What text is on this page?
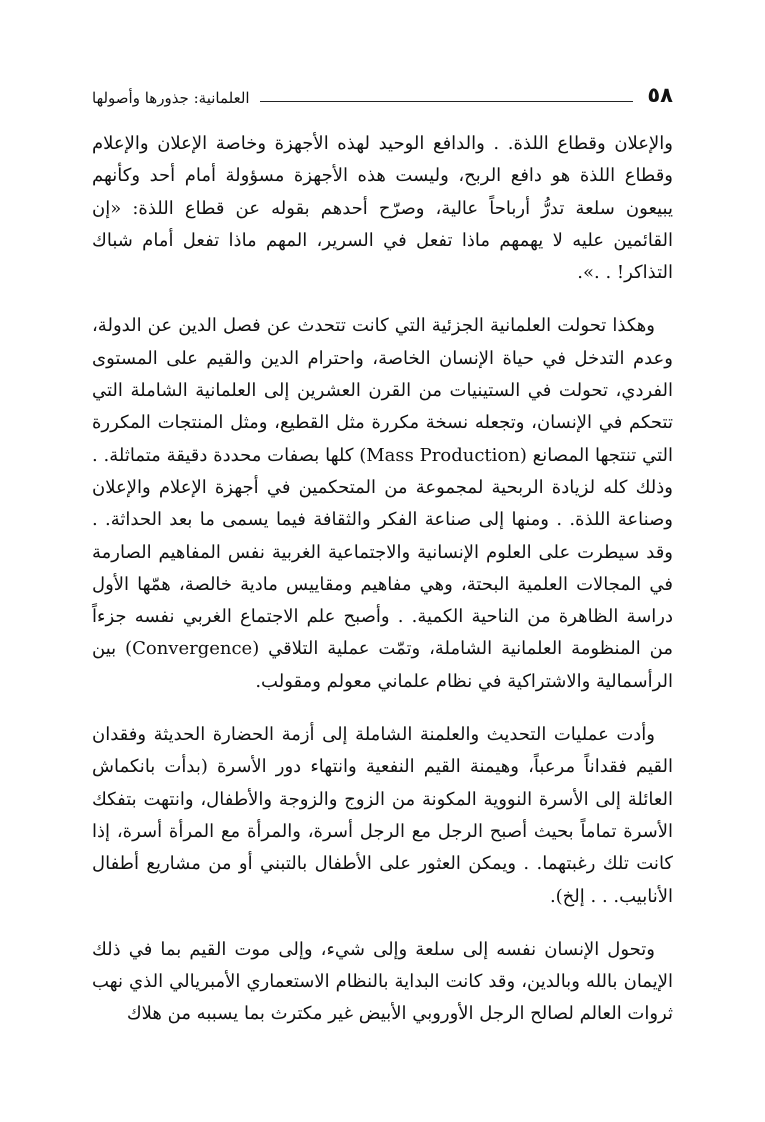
٥٨
العلمانية: جذورها وأصولها

والإعلان وقطاع اللذة. . والدافع الوحيد لهذه الأجهزة وخاصة الإعلان والإعلام وقطاع اللذة هو دافع الربح، وليست هذه الأجهزة مسؤولة أمام أحد وكأنهم يبيعون سلعة تدرُّ أرباحاً عالية، وصرّح أحدهم بقوله عن قطاع اللذة: «إن القائمين عليه لا يهمهم ماذا تفعل في السرير، المهم ماذا تفعل أمام شباك التذاكر! . .».

وهكذا تحولت العلمانية الجزئية التي كانت تتحدث عن فصل الدين عن الدولة، وعدم التدخل في حياة الإنسان الخاصة، واحترام الدين والقيم على المستوى الفردي، تحولت في الستينيات من القرن العشرين إلى العلمانية الشاملة التي تتحكم في الإنسان، وتجعله نسخة مكررة مثل القطيع، ومثل المنتجات المكررة التي تنتجها المصانع (Mass Production) كلها بصفات محددة دقيقة متماثلة. . وذلك كله لزيادة الربحية لمجموعة من المتحكمين في أجهزة الإعلام والإعلان وصناعة اللذة. . ومنها إلى صناعة الفكر والثقافة فيما يسمى ما بعد الحداثة. . وقد سيطرت على العلوم الإنسانية والاجتماعية الغربية نفس المفاهيم الصارمة في المجالات العلمية البحتة، وهي مفاهيم ومقاييس مادية خالصة، همّها الأول دراسة الظاهرة من الناحية الكمية. . وأصبح علم الاجتماع الغربي نفسه جزءاً من المنظومة العلمانية الشاملة، وتمّت عملية التلاقي (Convergence) بين الرأسمالية والاشتراكية في نظام علماني معولم ومقولب.

وأدت عمليات التحديث والعلمنة الشاملة إلى أزمة الحضارة الحديثة وفقدان القيم فقداناً مرعباً، وهيمنة القيم النفعية وانتهاء دور الأسرة (بدأت بانكماش العائلة إلى الأسرة النووية المكونة من الزوج والزوجة والأطفال، وانتهت بتفكك الأسرة تماماً بحيث أصبح الرجل مع الرجل أسرة، والمرأة مع المرأة أسرة، إذا كانت تلك رغبتهما. . ويمكن العثور على الأطفال بالتبني أو من مشاريع أطفال الأنابيب. . . إلخ).

وتحول الإنسان نفسه إلى سلعة وإلى شيء، وإلى موت القيم بما في ذلك الإيمان بالله وبالدين، وقد كانت البداية بالنظام الاستعماري الأمبريالي الذي نهب ثروات العالم لصالح الرجل الأوروبي الأبيض غير مكترث بما يسببه من هلاك
